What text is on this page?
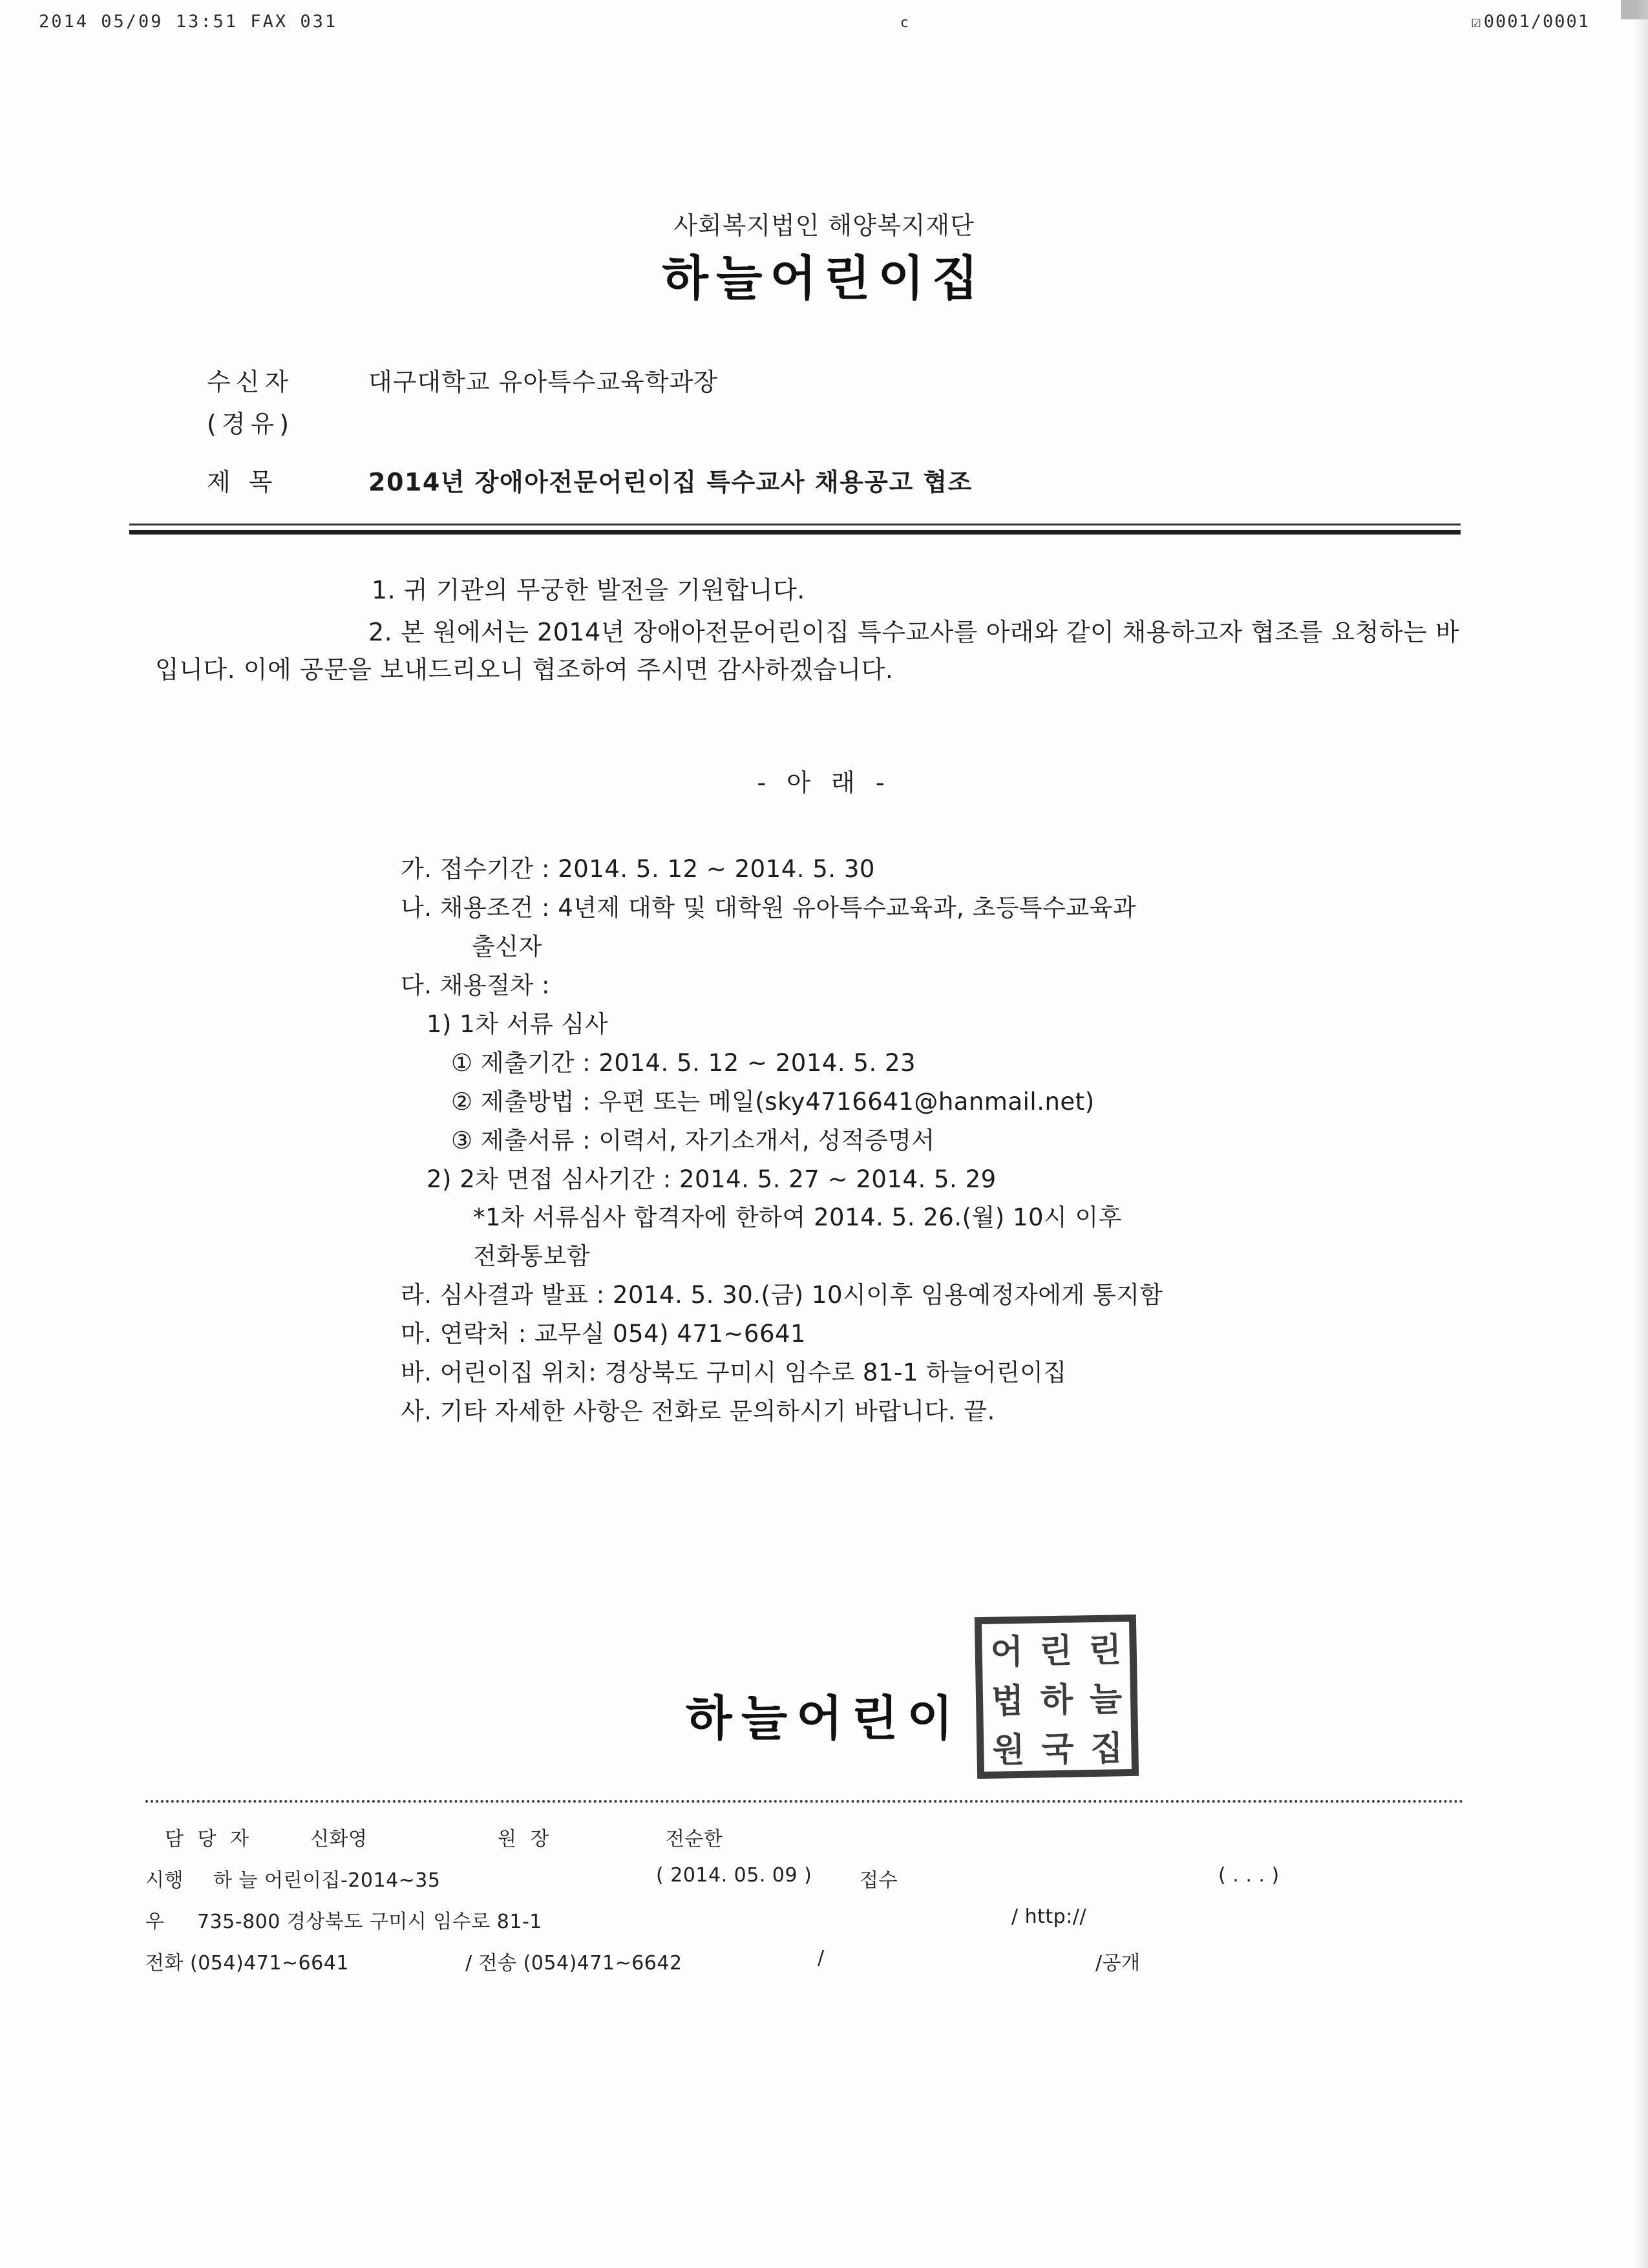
2014 05/09 13:51 FAX 031	c	☑0001/0001
사회복지법인 해양복지재단
하늘어린이집
수신자	대구대학교 유아특수교육학과장
(경유)
제 목	2014년 장애아전문어린이집 특수교사 채용공고 협조
1. 귀 기관의 무궁한 발전을 기원합니다.
2. 본 원에서는 2014년 장애아전문어린이집 특수교사를 아래와 같이 채용하고자 협조를 요청하는 바입니다. 이에 공문을 보내드리오니 협조하여 주시면 감사하겠습니다.
- 아 래 -
가. 접수기간 : 2014. 5. 12 ~ 2014. 5. 30
나. 채용조건 : 4년제 대학 및 대학원 유아특수교육과, 초등특수교육과
출신자
다. 채용절차 :
1) 1차 서류 심사
① 제출기간 : 2014. 5. 12 ~ 2014. 5. 23
② 제출방법 : 우편 또는 메일(sky4716641@hanmail.net)
③ 제출서류 : 이력서, 자기소개서, 성적증명서
2) 2차 면접 심사기간 : 2014. 5. 27 ~ 2014. 5. 29
*1차 서류심사 합격자에 한하여 2014. 5. 26.(월) 10시 이후
전화통보함
라. 심사결과 발표 : 2014. 5. 30.(금) 10시이후 임용예정자에게 통지함
마. 연락처 : 교무실 054) 471~6641
바. 어린이집 위치: 경상북도 구미시 임수로 81-1 하늘어린이집
사. 기타 자세한 사항은 전화로 문의하시기 바랍니다. 끝.
하늘어린이
어 린 린
법 하 늘
원 국 집
담 당 자	신화영	원 장	전순한
시행 하 늘 어린이집-2014~35	( 2014. 05. 09 ) 접수	( . . . )
우 735-800 경상북도 구미시 임수로 81-1	/ http://
전화 (054)471~6641	/ 전송 (054)471~6642	/	/공개
